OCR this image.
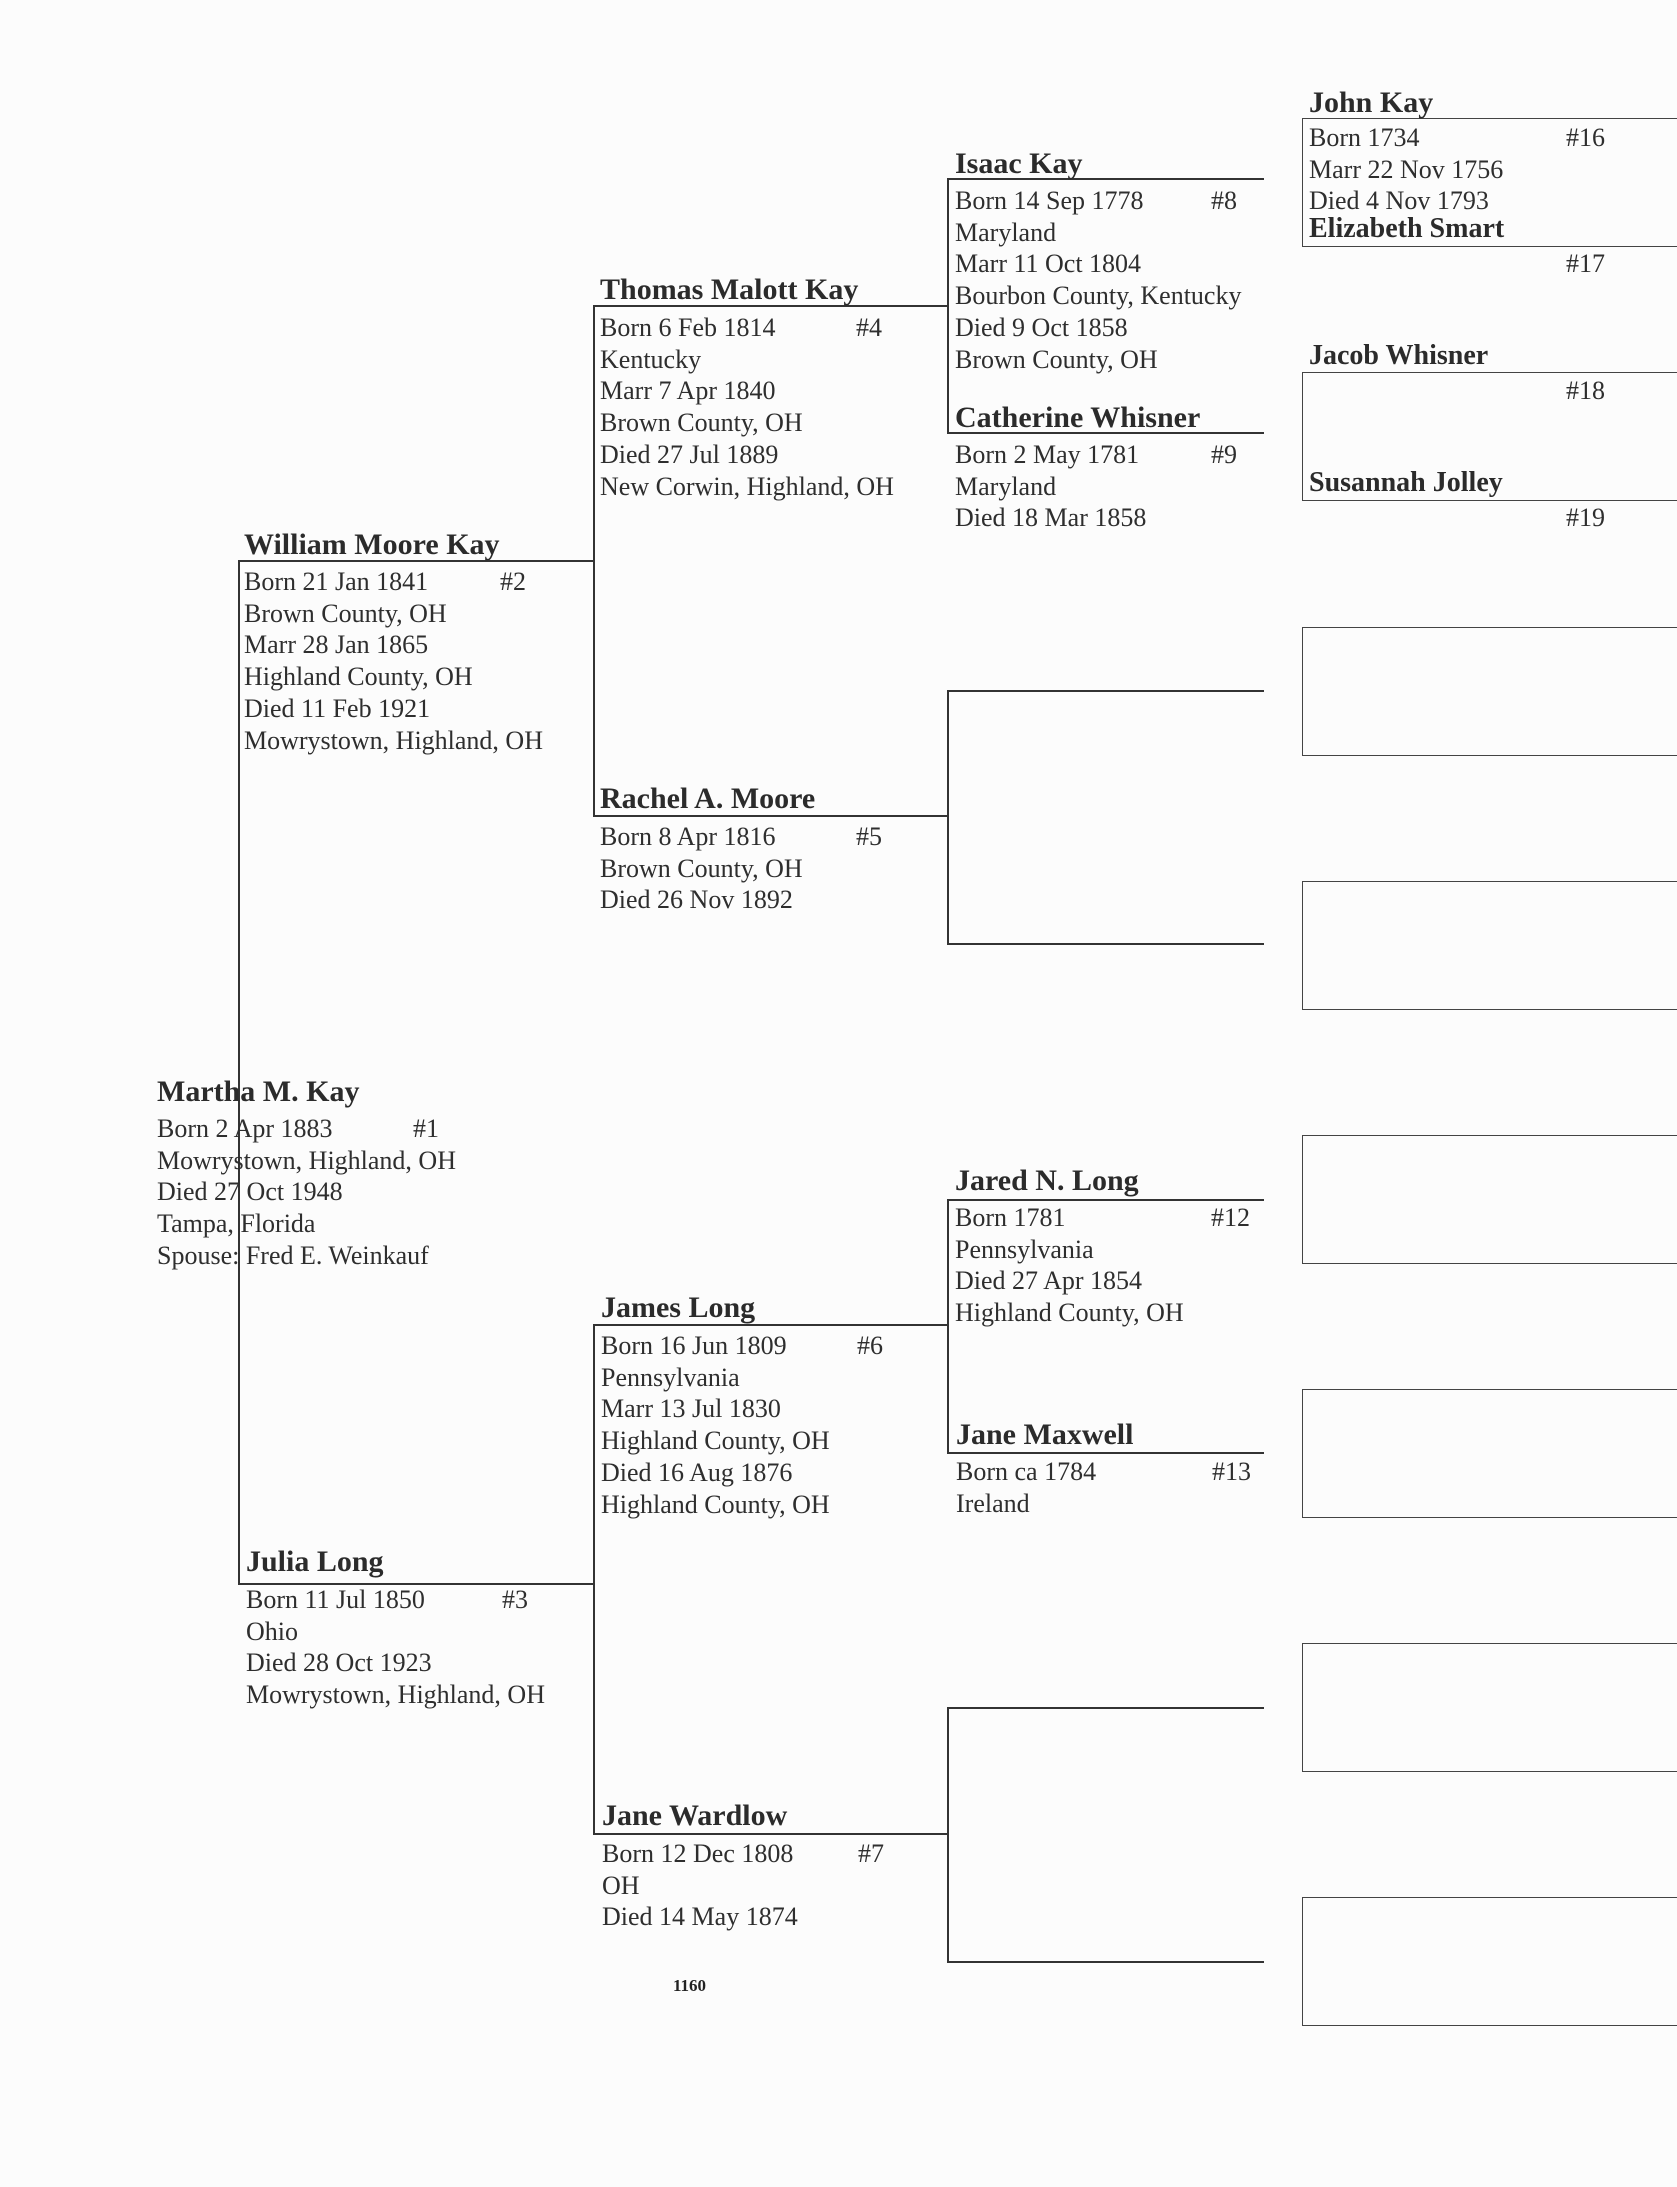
Martha M. Kay
Born 2 Apr 1883
Mowrystown, Highland, OH
Died 27 Oct 1948
Tampa, Florida
Spouse: Fred E. Weinkauf
#1
William Moore Kay
Born 21 Jan 1841
Brown County, OH
Marr 28 Jan 1865
Highland County, OH
Died 11 Feb 1921
Mowrystown, Highland, OH
#2
Julia Long
Born 11 Jul 1850
Ohio
Died 28 Oct 1923
Mowrystown, Highland, OH
#3
Thomas Malott Kay
Born 6 Feb 1814
Kentucky
Marr 7 Apr 1840
Brown County, OH
Died 27 Jul 1889
New Corwin, Highland, OH
#4
Rachel A. Moore
Born 8 Apr 1816
Brown County, OH
Died 26 Nov 1892
#5
James Long
Born 16 Jun 1809
Pennsylvania
Marr 13 Jul 1830
Highland County, OH
Died 16 Aug 1876
Highland County, OH
#6
Jane Wardlow
Born 12 Dec 1808
OH
Died 14 May 1874
#7
Isaac Kay
Born 14 Sep 1778
Maryland
Marr 11 Oct 1804
Bourbon County, Kentucky
Died 9 Oct 1858
Brown County, OH
#8
Catherine Whisner
Born 2 May 1781
Maryland
Died 18 Mar 1858
#9
Jared N. Long
Born 1781
Pennsylvania
Died 27 Apr 1854
Highland County, OH
#12
Jane Maxwell
Born ca 1784
Ireland
#13
John Kay
Born 1734
Marr 22 Nov 1756
Died 4 Nov 1793
#16
Elizabeth Smart
#17
Jacob Whisner
#18
Susannah Jolley
#19
1160
